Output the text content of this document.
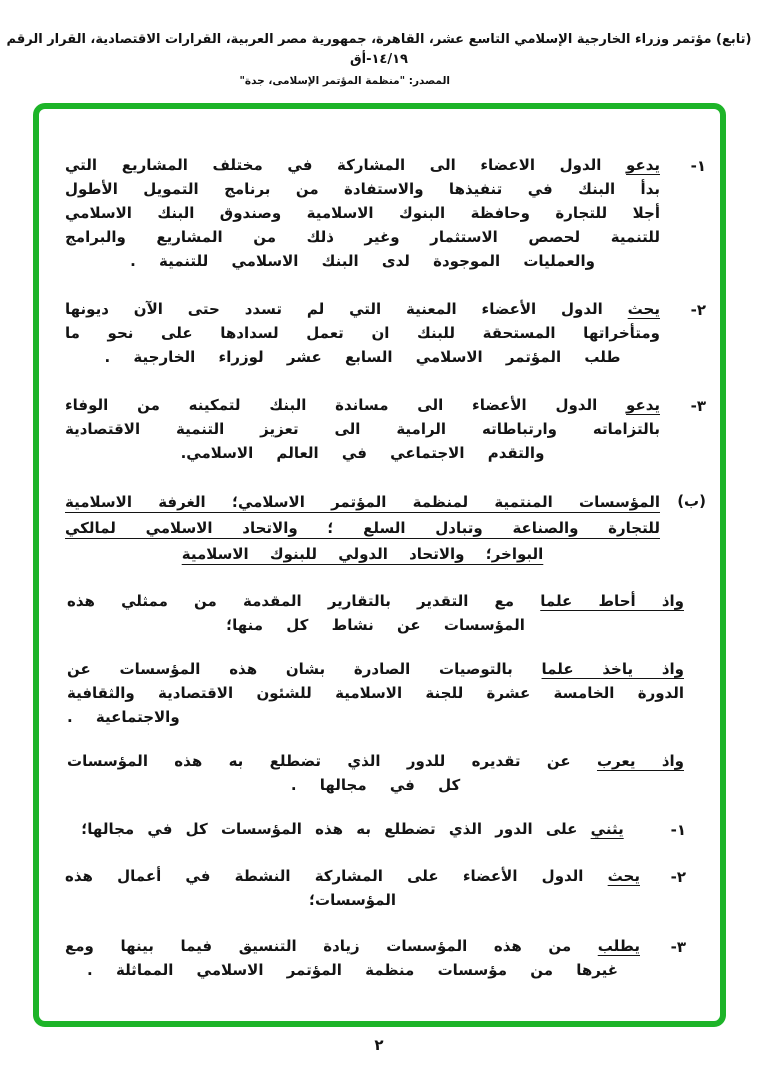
(تابع) مؤتمر وزراء الخارجية الإسلامي التاسع عشر، القاهرة، جمهورية مصر العربية، القرارات الاقتصادية، القرار الرقم ١٤/١٩-أق
المصدر: "منظمة المؤتمر الإسلامى، جدة"
١-
يدعو الدول الاعضاء الى المشاركة في مختلف المشاريع التي بدأ البنك في تنفيذها والاستفادة من برنامج التمويل الأطول أجلا للتجارة وحافظة البنوك الاسلامية وصندوق البنك الاسلامي للتنمية لحصص الاستثمار وغير ذلك من المشاريع والبرامج والعمليات الموجودة لدى البنك الاسلامي للتنمية .
٢-
يحث الدول الأعضاء المعنية التي لم تسدد حتى الآن ديونها ومتأخراتها المستحقة للبنك ان تعمل لسدادها على نحو ما طلب المؤتمر الاسلامي السابع عشر لوزراء الخارجية .
٣-
يدعو الدول الأعضاء الى مساندة البنك لتمكينه من الوفاء بالتزاماته وارتباطاته الرامية الى تعزيز التنمية الاقتصادية والتقدم الاجتماعي في العالم الاسلامي.
(ب)
المؤسسات المنتمية لمنظمة المؤتمر الاسلامي؛ الغرفة الاسلامية للتجارة والصناعة وتبادل السلع ؛ والاتحاد الاسلامي لمالكي البواخر؛ والاتحاد الدولي للبنوك الاسلامية

واذ أحاط علما مع التقدير بالتقارير المقدمة من ممثلي هذه المؤسسات عن نشاط كل منها؛

واذ ياخذ علما بالتوصيات الصادرة بشان هذه المؤسسات عن الدورة الخامسة عشرة للجنة الاسلامية للشئون الاقتصادية والثقافية والاجتماعية .

واذ يعرب عن تقديره للدور الذي تضطلع به هذه المؤسسات كل في مجالها .

١-
يثني على الدور الذي تضطلع به هذه المؤسسات كل في مجالها؛
٢-
يحث الدول الأعضاء على المشاركة النشطة في أعمال هذه المؤسسات؛
٣-
يطلب من هذه المؤسسات زيادة التنسيق فيما بينها ومع غيرها من مؤسسات منظمة المؤتمر الاسلامي المماثلة .
٢
